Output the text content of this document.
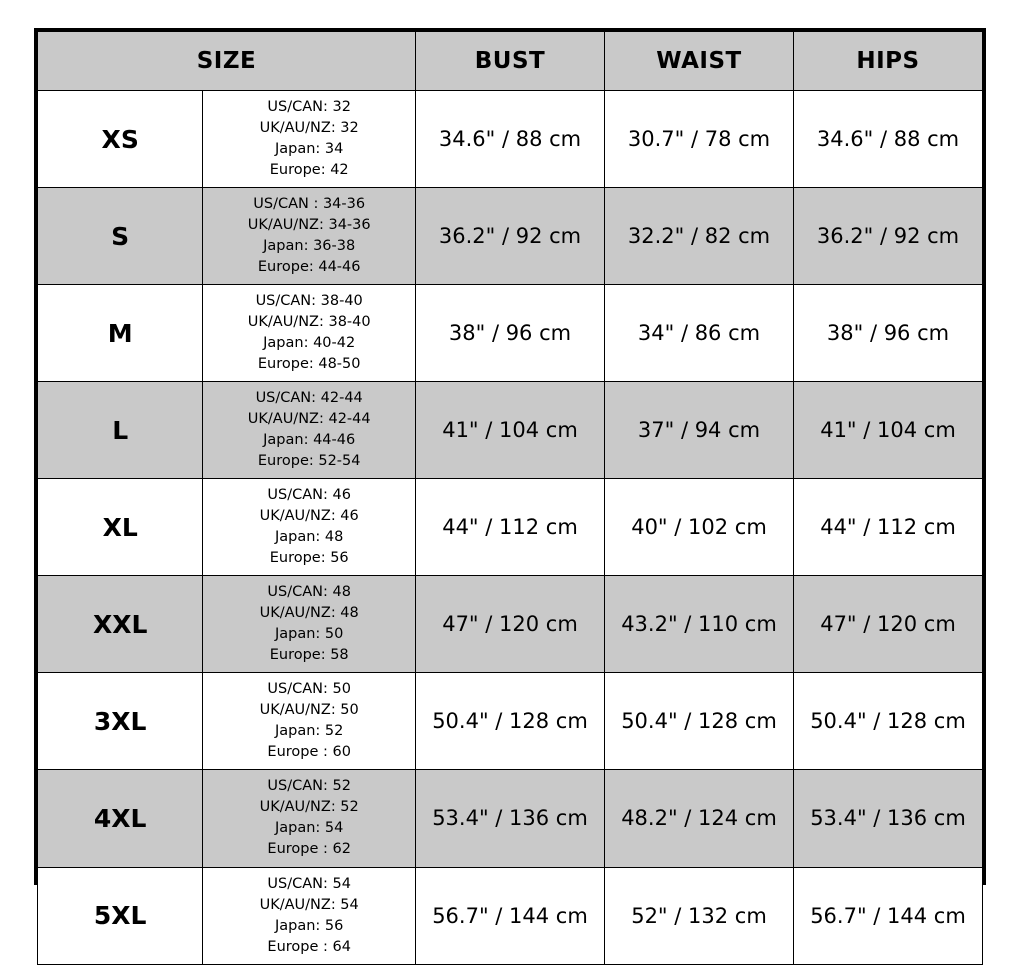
SIZE		BUST	WAIST	HIPS
XS	US/CAN: 32
UK/AU/NZ: 32
Japan: 34
Europe: 42	34.6" / 88 cm	30.7" / 78 cm	34.6" / 88 cm
S	US/CAN : 34-36
UK/AU/NZ: 34-36
Japan: 36-38
Europe: 44-46	36.2" / 92 cm	32.2" / 82 cm	36.2" / 92 cm
M	US/CAN: 38-40
UK/AU/NZ: 38-40
Japan: 40-42
Europe: 48-50	38" / 96 cm	34" / 86 cm	38" / 96 cm
L	US/CAN: 42-44
UK/AU/NZ: 42-44
Japan: 44-46
Europe: 52-54	41" / 104 cm	37" / 94 cm	41" / 104 cm
XL	US/CAN: 46
UK/AU/NZ: 46
Japan: 48
Europe: 56	44" / 112 cm	40" / 102 cm	44" / 112 cm
XXL	US/CAN: 48
UK/AU/NZ: 48
Japan: 50
Europe: 58	47" / 120 cm	43.2" / 110 cm	47" / 120 cm
3XL	US/CAN: 50
UK/AU/NZ: 50
Japan: 52
Europe : 60	50.4" / 128 cm	50.4" / 128 cm	50.4" / 128 cm
4XL	US/CAN: 52
UK/AU/NZ: 52
Japan: 54
Europe : 62	53.4" / 136 cm	48.2" / 124 cm	53.4" / 136 cm
5XL	US/CAN: 54
UK/AU/NZ: 54
Japan: 56
Europe : 64	56.7" / 144 cm	52" / 132 cm	56.7" / 144 cm
